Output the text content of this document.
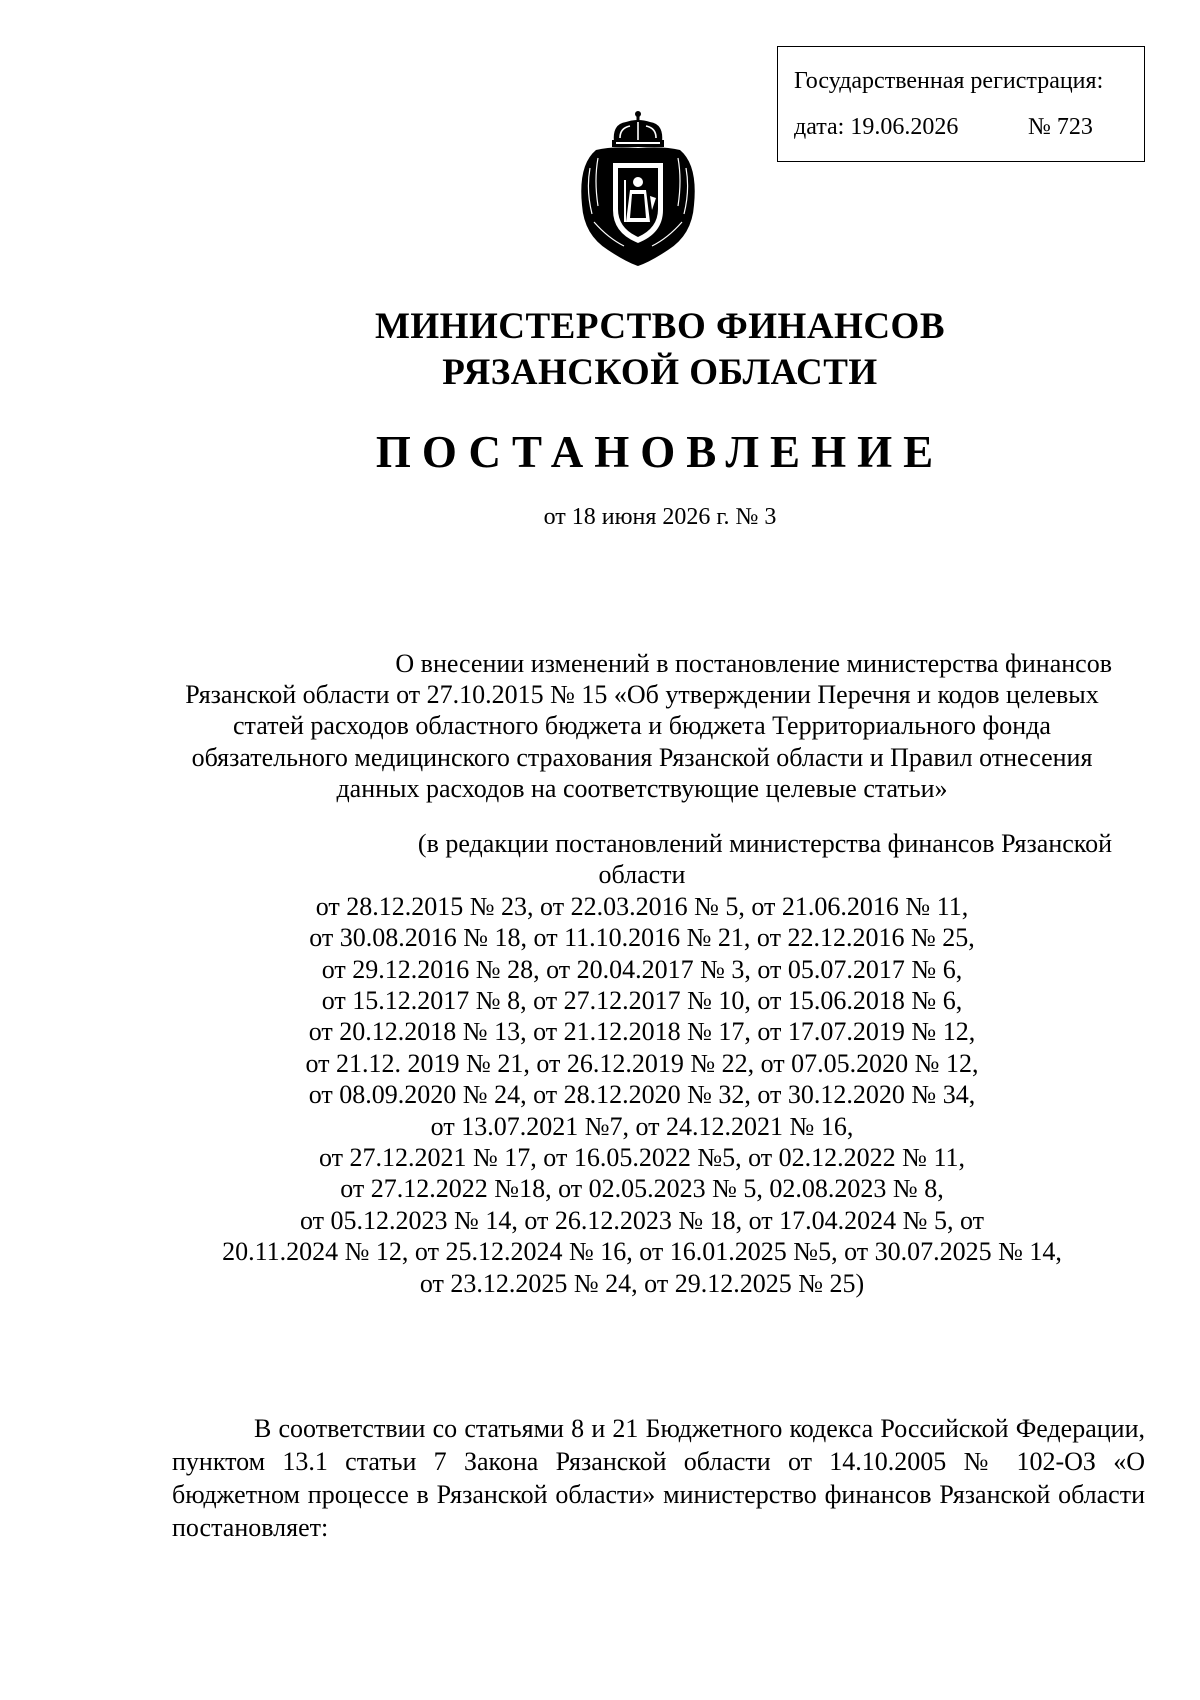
Государственная регистрация:
дата: 19.06.2026	№ 723
МИНИСТЕРСТВО ФИНАНСОВ
РЯЗАНСКОЙ ОБЛАСТИ
ПОСТАНОВЛЕНИЕ
от 18 июня 2026 г. № 3
О внесении изменений в постановление министерства финансов
Рязанской области от 27.10.2015 № 15 «Об утверждении Перечня и кодов целевых статей расходов областного бюджета и бюджета Территориального фонда обязательного медицинского страхования Рязанской области и Правил отнесения данных расходов на соответствующие целевые статьи»
(в редакции постановлений министерства финансов Рязанской
области
от 28.12.2015 № 23, от 22.03.2016 № 5, от 21.06.2016 № 11,
от 30.08.2016 № 18, от 11.10.2016 № 21, от 22.12.2016 № 25,
от 29.12.2016 № 28, от 20.04.2017 № 3, от 05.07.2017 № 6,
от 15.12.2017 № 8, от 27.12.2017 № 10, от 15.06.2018 № 6,
от 20.12.2018 № 13, от 21.12.2018 № 17, от 17.07.2019 № 12,
от 21.12. 2019 № 21, от 26.12.2019 № 22, от 07.05.2020 № 12,
от 08.09.2020 № 24, от 28.12.2020 № 32, от 30.12.2020 № 34,
от 13.07.2021 №7, от 24.12.2021 № 16,
от 27.12.2021 № 17, от 16.05.2022 №5, от 02.12.2022 № 11,
от 27.12.2022 №18, от 02.05.2023 № 5, 02.08.2023 № 8,
от 05.12.2023 № 14, от 26.12.2023 № 18, от 17.04.2024 № 5, от
20.11.2024 № 12, от 25.12.2024 № 16, от 16.01.2025 №5, от 30.07.2025 № 14,
от 23.12.2025 № 24, от 29.12.2025 № 25)
В соответствии со статьями 8 и 21 Бюджетного кодекса Российской Федерации, пунктом 13.1 статьи 7 Закона Рязанской области от 14.10.2005 № 102-ОЗ «О бюджетном процессе в Рязанской области» министерство финансов Рязанской области постановляет:
